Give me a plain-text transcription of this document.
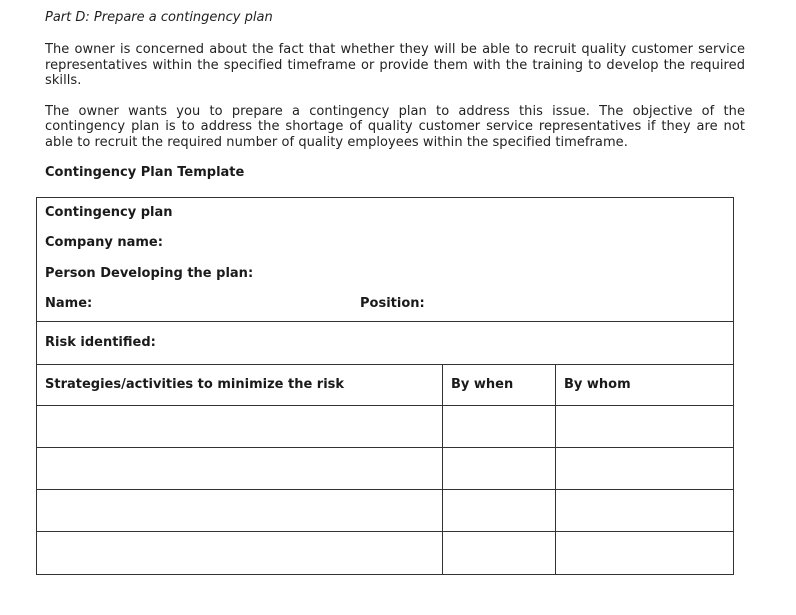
Part D: Prepare a contingency plan

The owner is concerned about the fact that whether they will be able to recruit quality customer service representatives within the specified timeframe or provide them with the training to develop the required skills.

The owner wants you to prepare a contingency plan to address this issue. The objective of the contingency plan is to address the shortage of quality customer service representatives if they are not able to recruit the required number of quality employees within the specified timeframe.

Contingency Plan Template
Contingency plan
Company name:
Person Developing the plan:
Name:	Position:
Risk identified:
Strategies/activities to minimize the risk	By when	By whom
